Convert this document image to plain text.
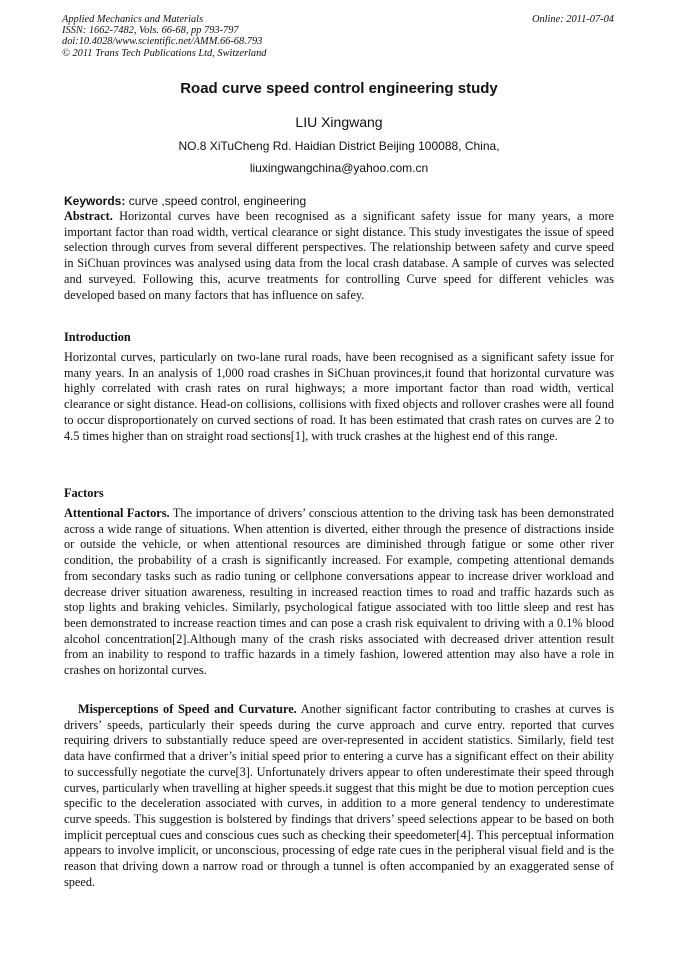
Applied Mechanics and Materials
ISSN: 1662-7482, Vols. 66-68, pp 793-797
doi:10.4028/www.scientific.net/AMM.66-68.793
© 2011 Trans Tech Publications Ltd, Switzerland
Online: 2011-07-04
Road curve speed control engineering study
LIU Xingwang
NO.8 XiTuCheng Rd. Haidian District Beijing 100088, China,
liuxingwangchina@yahoo.com.cn
Keywords: curve ,speed control, engineering

Abstract. Horizontal curves have been recognised as a significant safety issue for many years, a more important factor than road width, vertical clearance or sight distance. This study investigates the issue of speed selection through curves from several different perspectives. The relationship between safety and curve speed in SiChuan provinces was analysed using data from the local crash database. A sample of curves was selected and surveyed. Following this, acurve treatments for controlling Curve speed for different vehicles was developed based on many factors that has influence on safey.

Introduction

Horizontal curves, particularly on two-lane rural roads, have been recognised as a significant safety issue for many years. In an analysis of 1,000 road crashes in SiChuan provinces,it found that horizontal curvature was highly correlated with crash rates on rural highways; a more important factor than road width, vertical clearance or sight distance. Head-on collisions, collisions with fixed objects and rollover crashes were all found to occur disproportionately on curved sections of road. It has been estimated that crash rates on curves are 2 to 4.5 times higher than on straight road sections[1], with truck crashes at the highest end of this range.

Factors

Attentional Factors. The importance of drivers’ conscious attention to the driving task has been demonstrated across a wide range of situations. When attention is diverted, either through the presence of distractions inside or outside the vehicle, or when attentional resources are diminished through fatigue or some other river condition, the probability of a crash is significantly increased. For example, competing attentional demands from secondary tasks such as radio tuning or cellphone conversations appear to increase driver workload and decrease driver situation awareness, resulting in increased reaction times to road and traffic hazards such as stop lights and braking vehicles. Similarly, psychological fatigue associated with too little sleep and rest has been demonstrated to increase reaction times and can pose a crash risk equivalent to driving with a 0.1% blood alcohol concentration[2].Although many of the crash risks associated with decreased driver attention result from an inability to respond to traffic hazards in a timely fashion, lowered attention may also have a role in crashes on horizontal curves.

Misperceptions of Speed and Curvature. Another significant factor contributing to crashes at curves is drivers’ speeds, particularly their speeds during the curve approach and curve entry. reported that curves requiring drivers to substantially reduce speed are over-represented in accident statistics. Similarly, field test data have confirmed that a driver’s initial speed prior to entering a curve has a significant effect on their ability to successfully negotiate the curve[3]. Unfortunately drivers appear to often underestimate their speed through curves, particularly when travelling at higher speeds.it suggest that this might be due to motion perception cues specific to the deceleration associated with curves, in addition to a more general tendency to underestimate curve speeds. This suggestion is bolstered by findings that drivers’ speed selections appear to be based on both implicit perceptual cues and conscious cues such as checking their speedometer[4]. This perceptual information appears to involve implicit, or unconscious, processing of edge rate cues in the peripheral visual field and is the reason that driving down a narrow road or through a tunnel is often accompanied by an exaggerated sense of speed.
